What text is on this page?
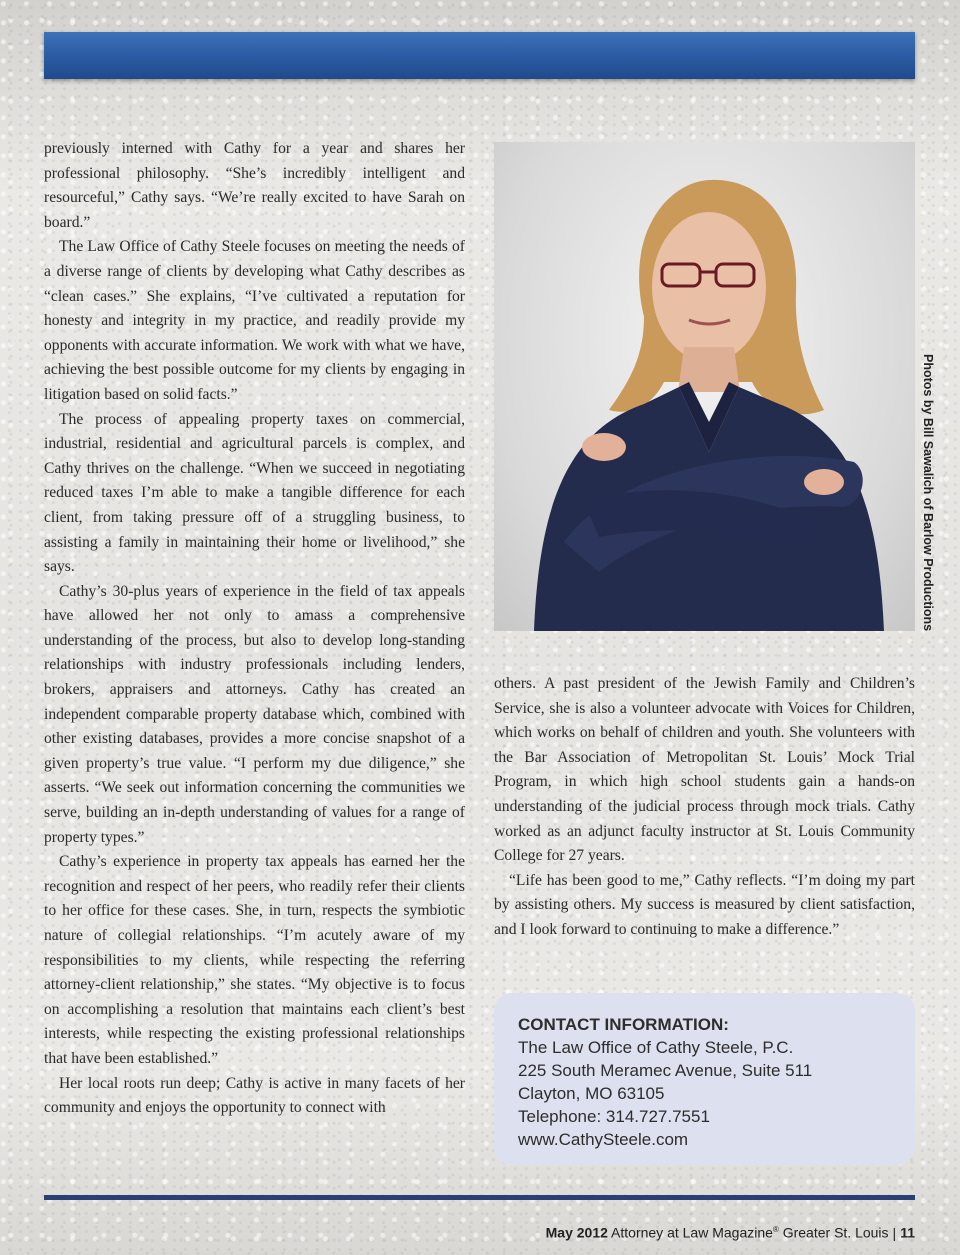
previously interned with Cathy for a year and shares her professional philosophy. “She’s incredibly intelligent and resourceful,” Cathy says. “We’re really excited to have Sarah on board.”

The Law Office of Cathy Steele focuses on meeting the needs of a diverse range of clients by developing what Cathy describes as “clean cases.” She explains, “I’ve cultivated a reputation for honesty and integrity in my practice, and readily provide my opponents with accurate information. We work with what we have, achieving the best possible outcome for my clients by engaging in litigation based on solid facts.”

The process of appealing property taxes on commercial, industrial, residential and agricultural parcels is complex, and Cathy thrives on the challenge. “When we succeed in negotiating reduced taxes I’m able to make a tangible difference for each client, from taking pressure off of a struggling business, to assisting a family in maintaining their home or livelihood,” she says.

Cathy’s 30-plus years of experience in the field of tax appeals have allowed her not only to amass a comprehensive understanding of the process, but also to develop long-standing relationships with industry professionals including lenders, brokers, appraisers and attorneys. Cathy has created an independent comparable property database which, combined with other existing databases, provides a more concise snapshot of a given property’s true value. “I perform my due diligence,” she asserts. “We seek out information concerning the communities we serve, building an in-depth understanding of values for a range of property types.”

Cathy’s experience in property tax appeals has earned her the recognition and respect of her peers, who readily refer their clients to her office for these cases. She, in turn, respects the symbiotic nature of collegial relationships. “I’m acutely aware of my responsibilities to my clients, while respecting the referring attorney-client relationship,” she states. “My objective is to focus on accomplishing a resolution that maintains each client’s best interests, while respecting the existing professional relationships that have been established.”

Her local roots run deep; Cathy is active in many facets of her community and enjoys the opportunity to connect with

Photos by Bill Sawalich of Barlow Productions

others. A past president of the Jewish Family and Children’s Service, she is also a volunteer advocate with Voices for Children, which works on behalf of children and youth. She volunteers with the Bar Association of Metropolitan St. Louis’ Mock Trial Program, in which high school students gain a hands-on understanding of the judicial process through mock trials. Cathy worked as an adjunct faculty instructor at St. Louis Community College for 27 years.

“Life has been good to me,” Cathy reflects. “I’m doing my part by assisting others. My success is measured by client satisfaction, and I look forward to continuing to make a difference.”

CONTACT INFORMATION:
The Law Office of Cathy Steele, P.C.
225 South Meramec Avenue, Suite 511
Clayton, MO 63105
Telephone: 314.727.7551
www.CathySteele.com
May 2012 Attorney at Law Magazine® Greater St. Louis | 11
